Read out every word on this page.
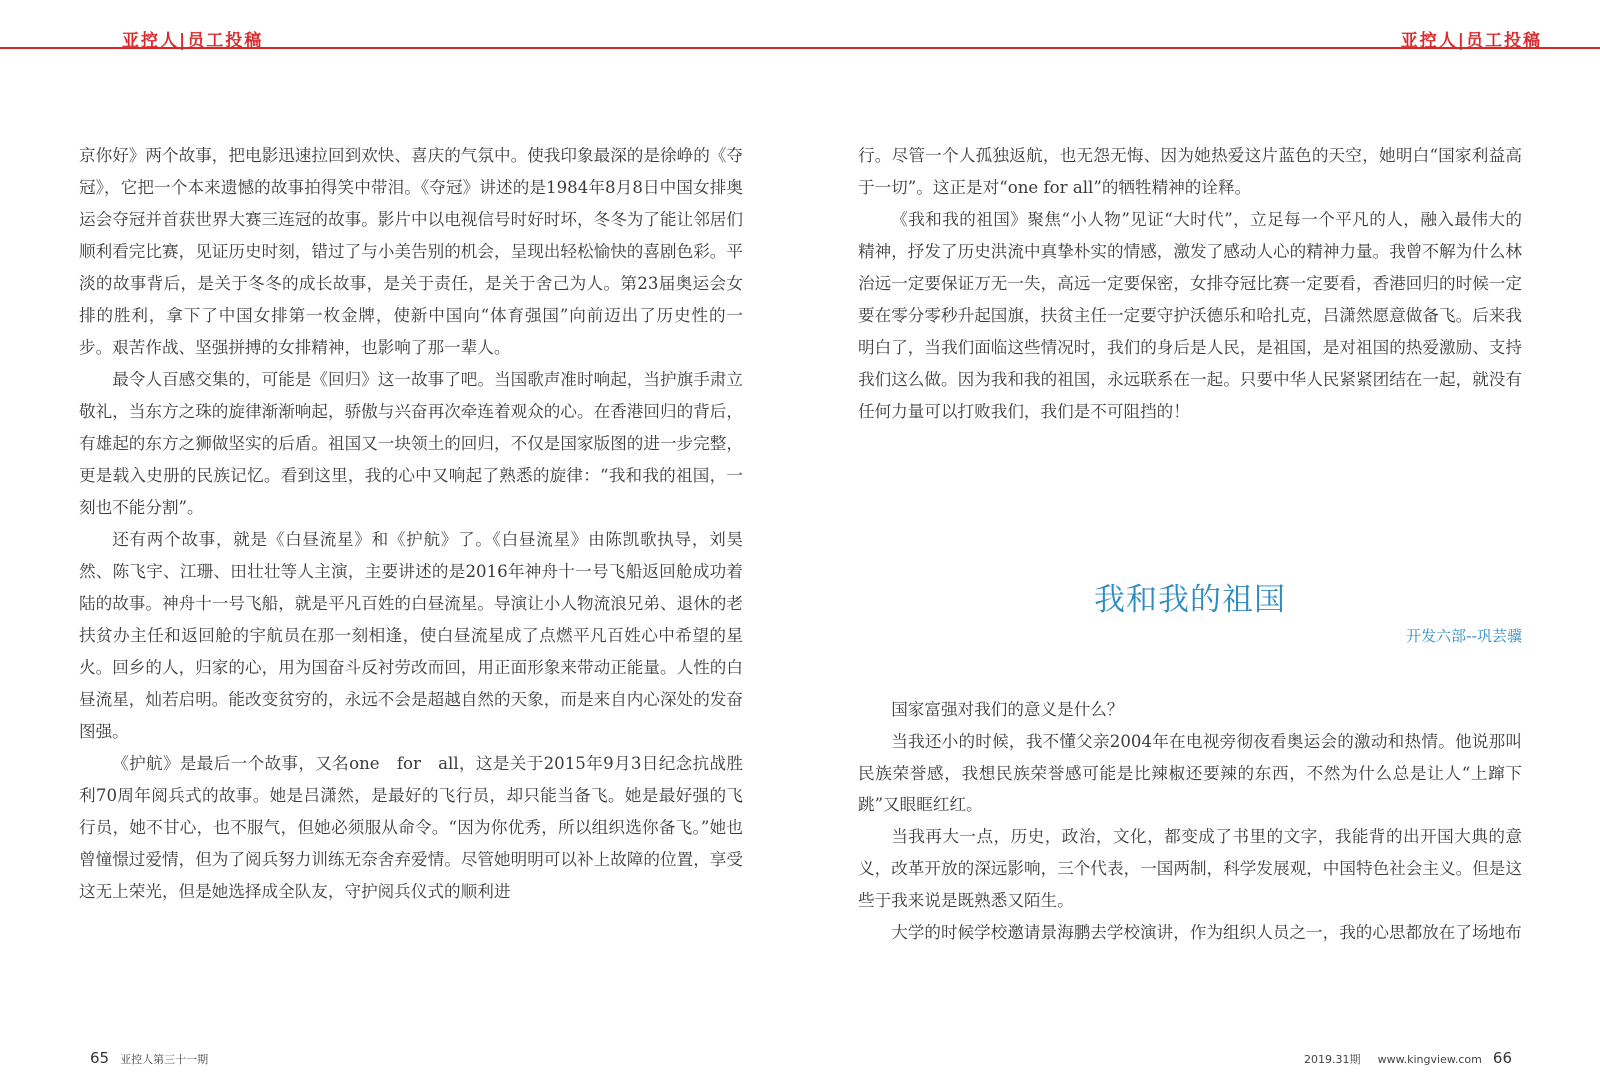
亚控人|员工投稿	亚控人|员工投稿

京你好》两个故事，把电影迅速拉回到欢快、喜庆的气氛中。使我印象最深的是徐峥的《夺冠》，它把一个本来遗憾的故事拍得笑中带泪。《夺冠》讲述的是1984年8月8日中国女排奥运会夺冠并首获世界大赛三连冠的故事。影片中以电视信号时好时坏，冬冬为了能让邻居们顺利看完比赛，见证历史时刻，错过了与小美告别的机会，呈现出轻松愉快的喜剧色彩。平淡的故事背后，是关于冬冬的成长故事，是关于责任，是关于舍己为人。第23届奥运会女排的胜利，拿下了中国女排第一枚金牌，使新中国向“体育强国”向前迈出了历史性的一步。艰苦作战、坚强拼搏的女排精神，也影响了那一辈人。

最令人百感交集的，可能是《回归》这一故事了吧。当国歌声准时响起，当护旗手肃立敬礼，当东方之珠的旋律渐渐响起，骄傲与兴奋再次牵连着观众的心。在香港回归的背后，有雄起的东方之狮做坚实的后盾。祖国又一块领土的回归，不仅是国家版图的进一步完整，更是载入史册的民族记忆。看到这里，我的心中又响起了熟悉的旋律：“我和我的祖国，一刻也不能分割”。

还有两个故事，就是《白昼流星》和《护航》了。《白昼流星》由陈凯歌执导，刘昊然、陈飞宇、江珊、田壮壮等人主演，主要讲述的是2016年神舟十一号飞船返回舱成功着陆的故事。神舟十一号飞船，就是平凡百姓的白昼流星。导演让小人物流浪兄弟、退休的老扶贫办主任和返回舱的宇航员在那一刻相逢，使白昼流星成了点燃平凡百姓心中希望的星火。回乡的人，归家的心，用为国奋斗反衬劳改而回，用正面形象来带动正能量。人性的白昼流星，灿若启明。能改变贫穷的，永远不会是超越自然的天象，而是来自内心深处的发奋图强。

《护航》是最后一个故事，又名one　for　all，这是关于2015年9月3日纪念抗战胜利70周年阅兵式的故事。她是吕潇然，是最好的飞行员，却只能当备飞。她是最好强的飞行员，她不甘心，也不服气，但她必须服从命令。“因为你优秀，所以组织选你备飞。”她也曾憧憬过爱情，但为了阅兵努力训练无奈舍弃爱情。尽管她明明可以补上故障的位置，享受这无上荣光，但是她选择成全队友，守护阅兵仪式的顺利进

行。尽管一个人孤独返航，也无怨无悔、因为她热爱这片蓝色的天空，她明白“国家利益高于一切”。这正是对“one for all”的牺牲精神的诠释。

《我和我的祖国》聚焦“小人物”见证“大时代”，立足每一个平凡的人，融入最伟大的精神，抒发了历史洪流中真挚朴实的情感，激发了感动人心的精神力量。我曾不解为什么林治远一定要保证万无一失，高远一定要保密，女排夺冠比赛一定要看，香港回归的时候一定要在零分零秒升起国旗，扶贫主任一定要守护沃德乐和哈扎克，吕潇然愿意做备飞。后来我明白了，当我们面临这些情况时，我们的身后是人民，是祖国，是对祖国的热爱激励、支持我们这么做。因为我和我的祖国，永远联系在一起。只要中华人民紧紧团结在一起，就没有任何力量可以打败我们，我们是不可阻挡的！

我和我的祖国
开发六部--巩芸骥

国家富强对我们的意义是什么？

当我还小的时候，我不懂父亲2004年在电视旁彻夜看奥运会的激动和热情。他说那叫民族荣誉感，我想民族荣誉感可能是比辣椒还要辣的东西，不然为什么总是让人“上蹿下跳”又眼眶红红。

当我再大一点，历史，政治，文化，都变成了书里的文字，我能背的出开国大典的意义，改革开放的深远影响，三个代表，一国两制，科学发展观，中国特色社会主义。但是这些于我来说是既熟悉又陌生。

大学的时候学校邀请景海鹏去学校演讲，作为组织人员之一，我的心思都放在了场地布

65 亚控人第三十一期	2019.31期 www.kingview.com 66
